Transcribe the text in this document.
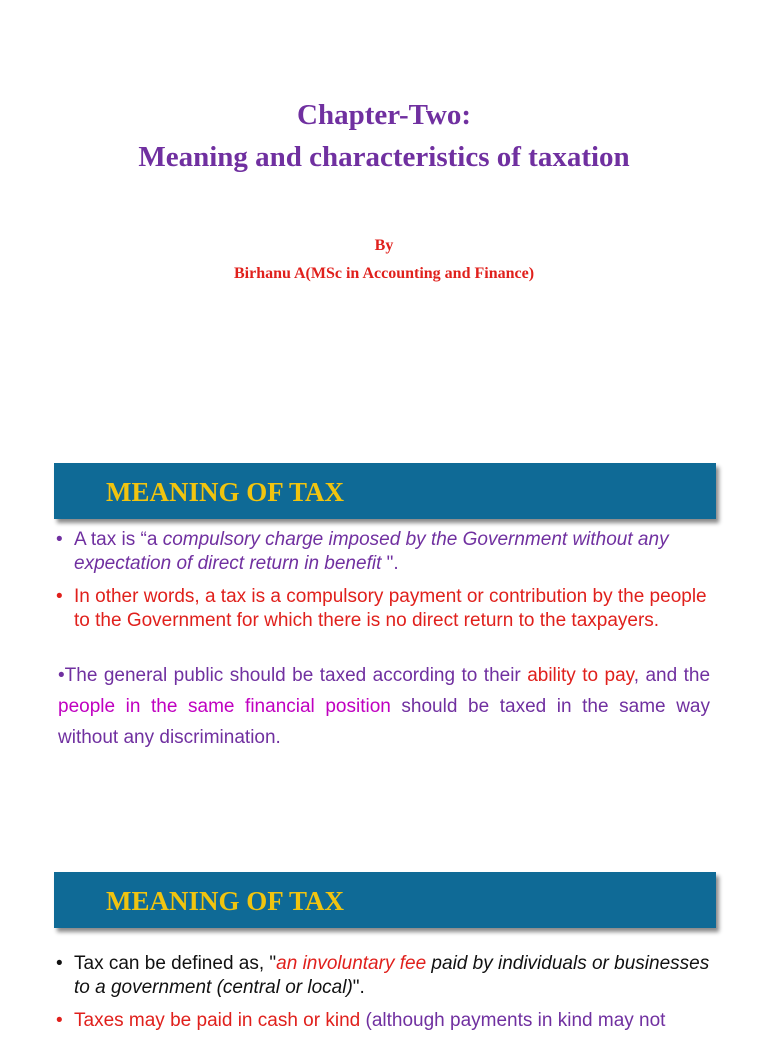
Chapter-Two:
Meaning and characteristics of taxation
By
Birhanu A(MSc in Accounting and Finance)
MEANING OF TAX
• A tax is “a compulsory charge imposed by the Government without any expectation of direct return in benefit ".
• In other words, a tax is a compulsory payment or contribution by the people to the Government for which there is no direct return to the taxpayers.
•The general public should be taxed according to their ability to pay, and the people in the same financial position should be taxed in the same way without any discrimination.
MEANING OF TAX
• Tax can be defined as, "an involuntary fee paid by individuals or businesses to a government (central or local)".
• Taxes may be paid in cash or kind (although payments in kind may not
